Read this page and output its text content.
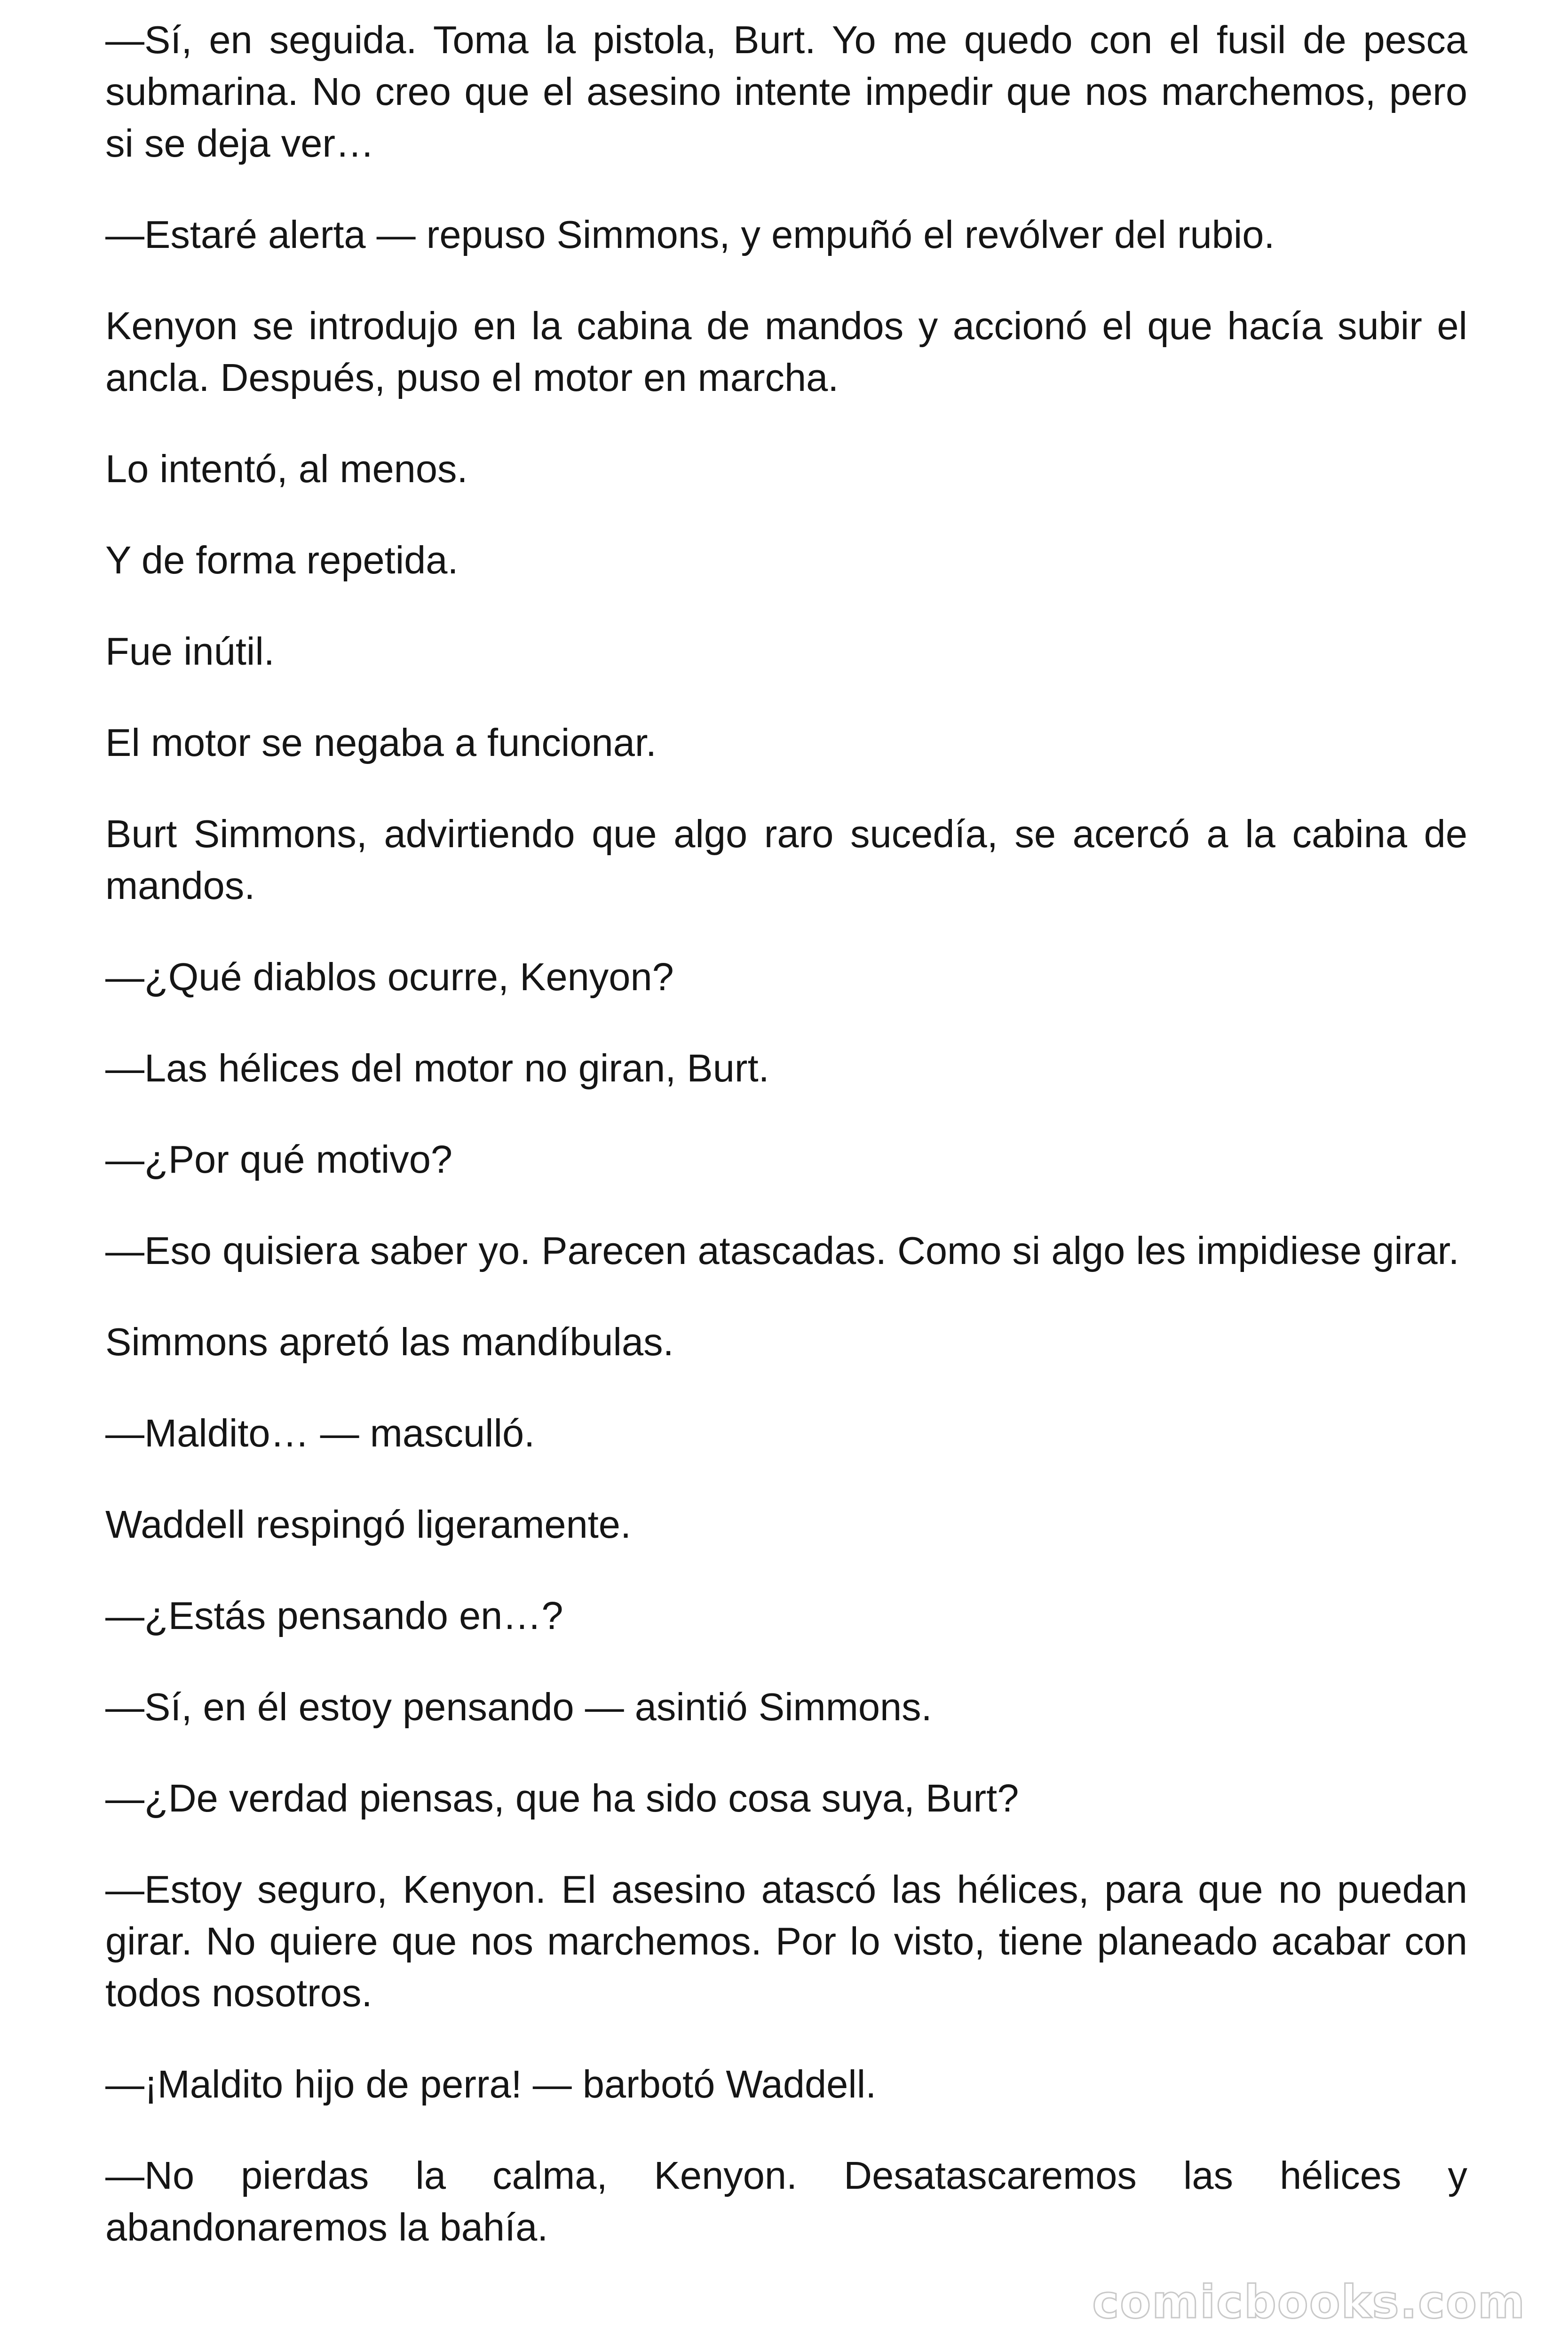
—Sí, en seguida. Toma la pistola, Burt. Yo me quedo con el fusil de pesca submarina. No creo que el asesino intente impedir que nos marchemos, pero si se deja ver…

—Estaré alerta — repuso Simmons, y empuñó el revólver del rubio.

Kenyon se introdujo en la cabina de mandos y accionó el que hacía subir el ancla. Después, puso el motor en marcha.

Lo intentó, al menos.

Y de forma repetida.

Fue inútil.

El motor se negaba a funcionar.

Burt Simmons, advirtiendo que algo raro sucedía, se acercó a la cabina de mandos.

—¿Qué diablos ocurre, Kenyon?

—Las hélices del motor no giran, Burt.

—¿Por qué motivo?

—Eso quisiera saber yo. Parecen atascadas. Como si algo les impidiese girar.

Simmons apretó las mandíbulas.

—Maldito… — masculló.

Waddell respingó ligeramente.

—¿Estás pensando en…?

—Sí, en él estoy pensando — asintió Simmons.

—¿De verdad piensas, que ha sido cosa suya, Burt?

—Estoy seguro, Kenyon. El asesino atascó las hélices, para que no puedan girar. No quiere que nos marchemos. Por lo visto, tiene planeado acabar con todos nosotros.

—¡Maldito hijo de perra! — barbotó Waddell.

—No pierdas la calma, Kenyon. Desatascaremos las hélices y abandonaremos la bahía.

comicbooks.com
